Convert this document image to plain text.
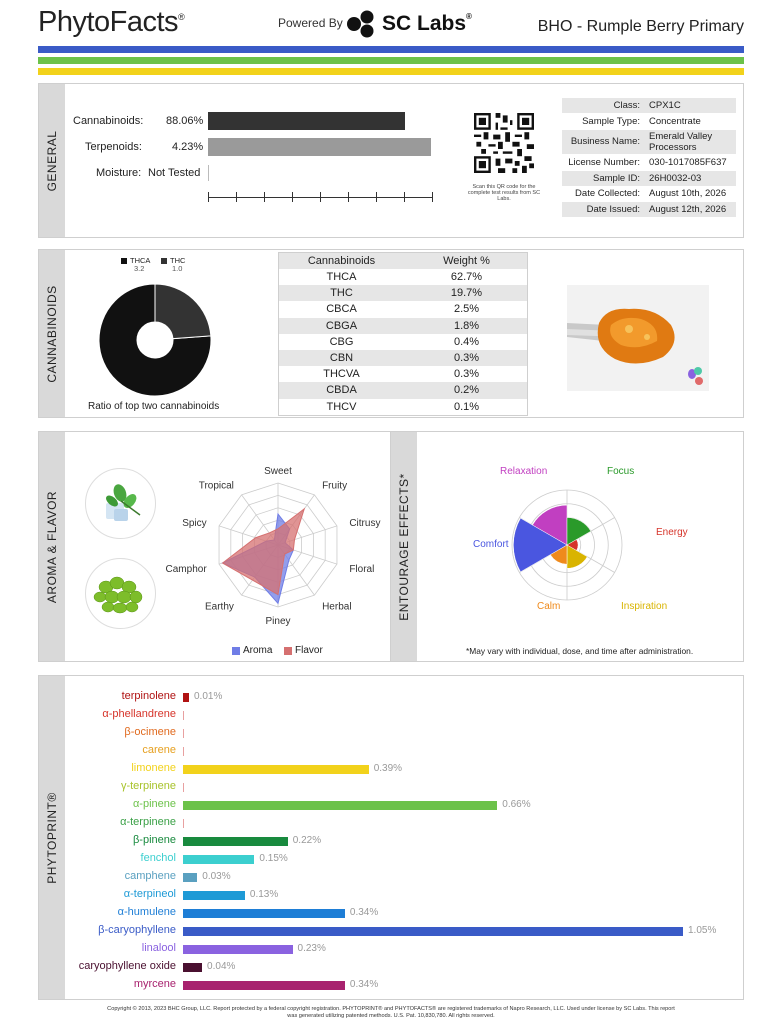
PhytoFacts®	Powered By SC Labs®
BHO - Rumple Berry Primary
GENERAL
Cannabinoids: 88.06%
Terpenoids:	4.23%
Moisture: Not Tested
Scan this QR code for the complete test results from SC Labs.
Class: CPX1C
Sample Type: Concentrate
Business Name: Emerald Valley Processors
License Number: 030-1017085F637
Sample ID: 26H0032-03
Date Collected: August 10th, 2026
Date Issued: August 12th, 2026
CANNABINOIDS
THCA
3.2
THC
1.0
Ratio of top two cannabinoids
Cannabinoids	Weight %
THCA	62.7%
THC	19.7%
CBCA	2.5%
CBGA	1.8%
CBG	0.4%
CBN	0.3%
THCVA	0.3%
CBDA	0.2%
THCV	0.1%
AROMA & FLAVOR
Sweet
Fruity
Citrusy
Floral
Herbal
Piney
Earthy
Camphor
Spicy
Tropical
Aroma Flavor
ENTOURAGE EFFECTS*
Relaxation	Focus
Energy
Inspiration
Calm
Comfort
*May vary with individual, dose, and time after administration.
PHYTOPRINT®
terpinolene 0.01%
α-phellandrene
β-ocimene
carene
limonene	0.39%
γ-terpinene
α-pinene	0.66%
α-terpinene
β-pinene	0.22%
fenchol	0.15%
camphene	0.03%
α-terpineol	0.13%
α-humulene	0.34%
β-caryophyllene	1.05%
linalool	0.23%
caryophyllene oxide	0.04%
myrcene	0.34%
Copyright © 2013, 2023 BHC Group, LLC. Report protected by a federal copyright registration. PHYTOPRINT® and PHYTOFACTS® are registered trademarks of Napro Research, LLC. Used under license by SC Labs. This report
was generated utilizing patented methods. U.S. Pat. 10,830,780. All rights reserved.
